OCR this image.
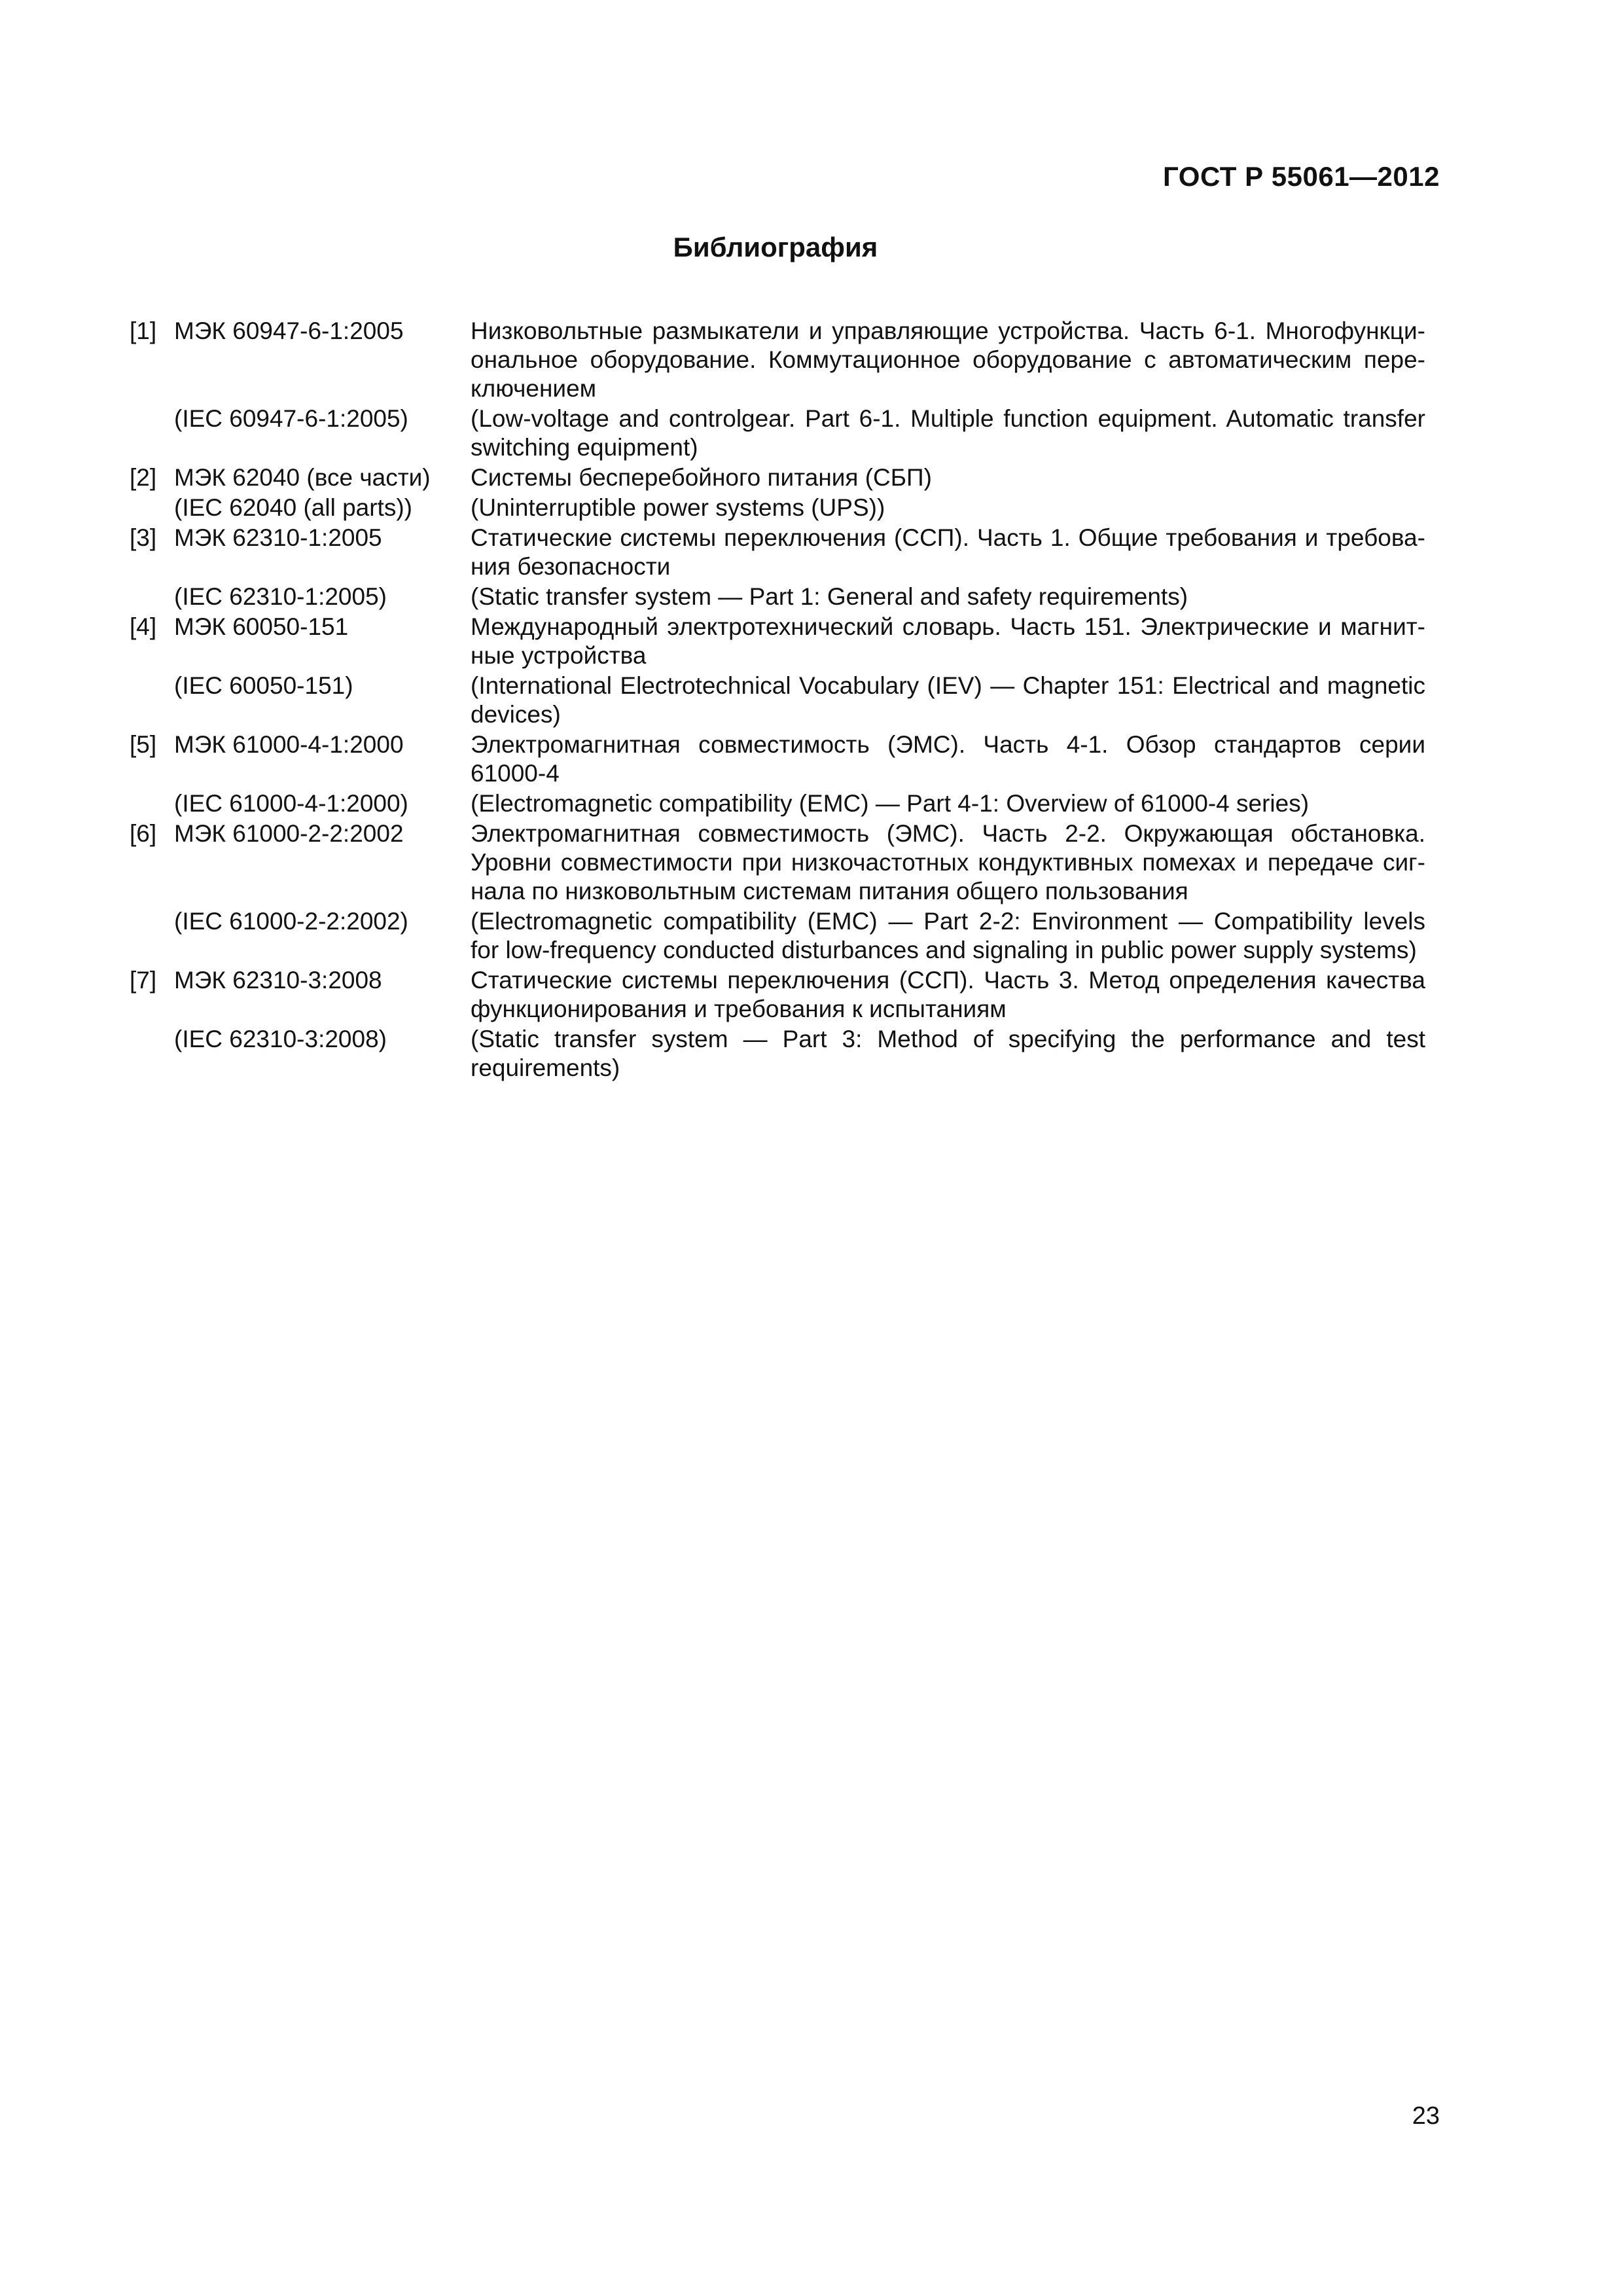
ГОСТ Р 55061—2012
Библиография
[1] МЭК 60947-6-1:2005	Низковольтные размыкатели и управляющие устройства. Часть 6-1. Многофункци-
ональное оборудование. Коммутационное оборудование с автоматическим пере-
ключением
(IEC 60947-6-1:2005)	(Low-voltage and controlgear. Part 6-1. Multiple function equipment. Automatic transfer
switching equipment)
[2] МЭК 62040 (все части)	Системы бесперебойного питания (СБП)
(IEC 62040 (all parts))	(Uninterruptible power systems (UPS))
[3] МЭК 62310-1:2005	Статические системы переключения (ССП). Часть 1. Общие требования и требова-
ния безопасности
(IEC 62310-1:2005)	(Static transfer system — Part 1: General and safety requirements)
[4] МЭК 60050-151	Международный электротехнический словарь. Часть 151. Электрические и магнит-
ные устройства
(IEC 60050-151)	(International Electrotechnical Vocabulary (IEV) — Chapter 151: Electrical and magnetic
devices)
[5] МЭК 61000-4-1:2000	Электромагнитная совместимость (ЭМС). Часть 4-1. Обзор стандартов серии
61000-4
(IEC 61000-4-1:2000)	(Electromagnetic compatibility (EMC) — Part 4-1: Overview of 61000-4 series)
[6] МЭК 61000-2-2:2002	Электромагнитная совместимость (ЭМС). Часть 2-2. Окружающая обстановка.
Уровни совместимости при низкочастотных кондуктивных помехах и передаче сиг-
нала по низковольтным системам питания общего пользования
(IEC 61000-2-2:2002)	(Electromagnetic compatibility (EMC) — Part 2-2: Environment — Compatibility levels
for low-frequency conducted disturbances and signaling in public power supply systems)
[7] МЭК 62310-3:2008	Статические системы переключения (ССП). Часть 3. Метод определения качества
функционирования и требования к испытаниям
(IEC 62310-3:2008)	(Static transfer system — Part 3: Method of specifying the performance and test
requirements)
23
